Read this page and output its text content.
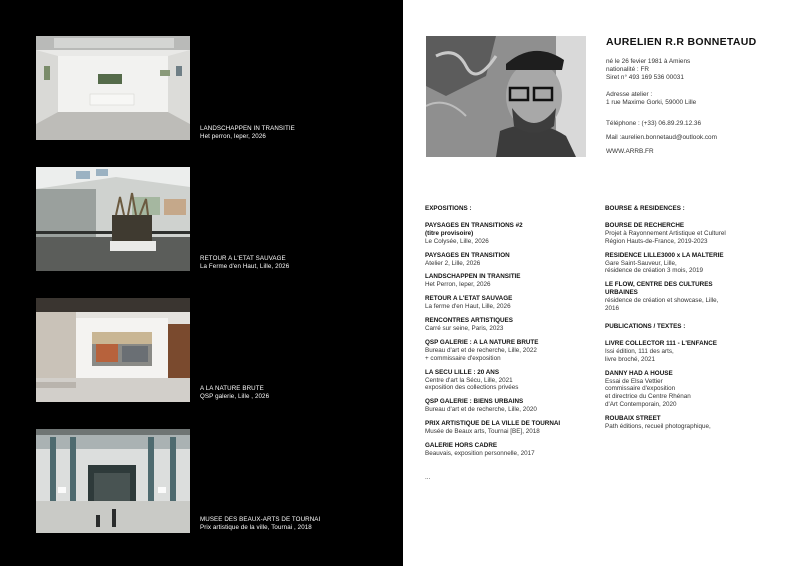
LANDSCHAPPEN IN TRANSITIE
Het perron, Ieper, 2026
RETOUR A L'ETAT SAUVAGE
La Ferme d'en Haut, Lille, 2026
A LA NATURE BRUTE
QSP galerie, Lille , 2026
MUSEE DES BEAUX-ARTS DE TOURNAI
Prix artistique de la ville, Tournai , 2018
AURELIEN R.R BONNETAUD
né le 26 fevier 1981 à Amiens
nationalité : FR
Siret n° 493 169 536 00031
Adresse atelier :
1 rue Maxime Gorki, 59000 Lille
Téléphone : (+33) 06.89.29.12.36
Mail :aurelien.bonnetaud@outlook.com
WWW.ARRB.FR
EXPOSITIONS :
PAYSAGES EN TRANSITIONS #2
(titre provisoire)
Le Colysée, Lille, 2026
PAYSAGES EN TRANSITION
Atelier 2, Lille, 2026
LANDSCHAPPEN IN TRANSITIE
Het Perron, Ieper, 2026
RETOUR A L'ETAT SAUVAGE
La ferme d'en Haut, Lille, 2026
RENCONTRES ARTISTIQUES
Carré sur seine, Paris, 2023
QSP GALERIE : A LA NATURE BRUTE
Bureau d'art et de recherche, Lille, 2022
+ commissaire d'exposition
LA SECU LILLE : 20 ANS
Centre d'art la Sécu, Lille, 2021
exposition des collections privées
QSP GALERIE : BIENS URBAINS
Bureau d'art et de recherche, Lille, 2020
PRIX ARTISTIQUE DE LA VILLE DE TOURNAI
Musée de Beaux arts, Tournai [BE], 2018
GALERIE HORS CADRE
Beauvais, exposition personnelle, 2017
...
BOURSE & RESIDENCES :
BOURSE DE RECHERCHE
Projet à Rayonnement Artistique et Culturel
Région Hauts-de-France, 2019-2023
RESIDENCE LILLE3000 x LA MALTERIE
Gare Saint-Sauveur, Lille,
résidence de création 3 mois, 2019
LE FLOW, CENTRE DES CULTURES
URBAINES
résidence de création et showcase, Lille,
2016
PUBLICATIONS / TEXTES :
LIVRE COLLECTOR 111 - L'ENFANCE
Issi édition, 111 des arts,
livre broché, 2021
DANNY HAD A HOUSE
Essai de Elsa Vettier
commissaire d'exposition
et directrice du Centre Rhénan
d'Art Contemporain, 2020
ROUBAIX STREET
Path éditions, recueil photographique,
